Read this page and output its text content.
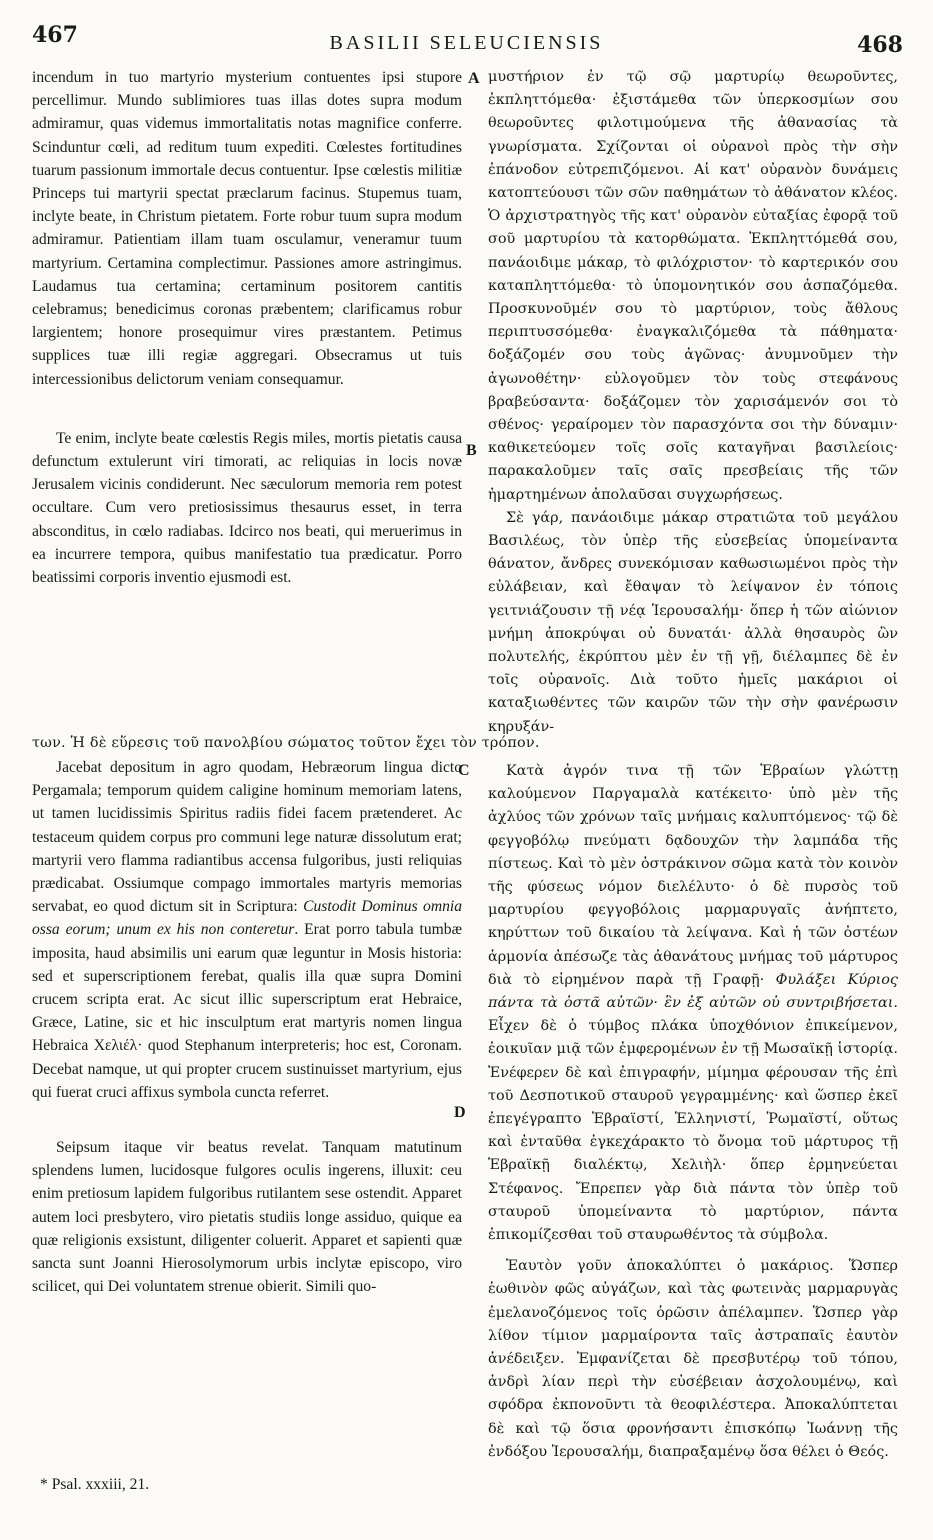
467	BASILII SELEUCIENSIS	468

incendum in tuo martyrio mysterium contuentes ipsi stupore percellimur. Mundo sublimiores tuas illas dotes supra modum admiramur, quas videmus immortalitatis notas magnifice conferre. Scinduntur cœli, ad reditum tuum expediti. Cœlestes fortitudines tuarum passionum immortale decus contuentur. Ipse cœlestis militiæ Princeps tui martyrii spectat præclarum facinus. Stupemus tuam, inclyte beate, in Christum pietatem. Forte robur tuum supra modum admiramur. Patientiam illam tuam osculamur, veneramur tuum martyrium. Certamina complectimur. Passiones amore astringimus. Laudamus tua certamina; certaminum positorem cantitis celebramus; benedicimus coronas præbentem; clarificamus robur largientem; honore prosequimur vires præstantem. Petimus supplices tuæ illi regiæ aggregari. Obsecramus ut tuis intercessionibus delictorum veniam consequamur.

Te enim, inclyte beate cœlestis Regis miles, mortis pietatis causa defunctum extulerunt viri timorati, ac reliquias in locis novæ Jerusalem vicinis condiderunt. Nec sæculorum memoria rem potest occultare. Cum vero pretiosissimus thesaurus esset, in terra absconditus, in cœlo radiabas. Idcirco nos beati, qui meruerimus in ea incurrere tempora, quibus manifestatio tua prædicatur. Porro beatissimi corporis inventio ejusmodi est.

των. Ἡ δὲ εὕρεσις τοῦ πανολβίου σώματος τοῦτον ἔχει τὸν τρόπον.

Jacebat depositum in agro quodam, Hebræorum lingua dicto Pergamala; temporum quidem caligine hominum memoriam latens, ut tamen lucidissimis Spiritus radiis fidei facem prætenderet. Ac testaceum quidem corpus pro communi lege naturæ dissolutum erat; martyrii vero flamma radiantibus accensa fulgoribus, justi reliquias prædicabat. Ossiumque compago immortales martyris memorias servabat, eo quod dictum sit in Scriptura: Custodit Dominus omnia ossa eorum; unum ex his non conteretur. Erat porro tabula tumbæ imposita, haud absimilis uni earum quæ leguntur in Mosis historia: sed et superscriptionem ferebat, qualis illa quæ supra Domini crucem scripta erat. Ac sicut illic superscriptum erat Hebraice, Græce, Latine, sic et hic insculptum erat martyris nomen lingua Hebraica Χελιέλ· quod Stephanum interpreteris; hoc est, Coronam. Decebat namque, ut qui propter crucem sustinuisset martyrium, ejus qui fuerat cruci affixus symbola cuncta referret.

Seipsum itaque vir beatus revelat. Tanquam matutinum splendens lumen, lucidosque fulgores oculis ingerens, illuxit: ceu enim pretiosum lapidem fulgoribus rutilantem sese ostendit. Apparet autem loci presbytero, viro pietatis studiis longe assiduo, quique ea quæ religionis exsistunt, diligenter coluerit. Apparet et sapienti quæ sancta sunt Joanni Hierosolymorum urbis inclytæ episcopo, viro scilicet, qui Dei voluntatem strenue obierit. Simili quo-

μυστήριον ἐν τῷ σῷ μαρτυρίῳ θεωροῦντες, ἐκπληττόμεθα· ἐξιστάμεθα τῶν ὑπερκοσμίων σου θεωροῦντες φιλοτιμούμενα τῆς ἀθανασίας τὰ γνωρίσματα. Σχίζονται οἱ οὐρανοὶ πρὸς τὴν σὴν ἐπάνοδον εὐτρεπιζόμενοι. Αἱ κατ' οὐρανὸν δυνάμεις κατοπτεύουσι τῶν σῶν παθημάτων τὸ ἀθάνατον κλέος. Ὁ ἀρχιστρατηγὸς τῆς κατ' οὐρανὸν εὐταξίας ἐφορᾷ τοῦ σοῦ μαρτυρίου τὰ κατορθώματα. Ἐκπληττόμεθά σου, πανάοιδιμε μάκαρ, τὸ φιλόχριστον· τὸ καρτερικόν σου καταπληττόμεθα· τὸ ὑπομονητικόν σου ἀσπαζόμεθα. Προσκυνοῦμέν σου τὸ μαρτύριον, τοὺς ἄθλους περιπτυσσόμεθα· ἐναγκαλιζόμεθα τὰ πάθηματα· δοξάζομέν σου τοὺς ἀγῶνας· ἀνυμνοῦμεν τὴν ἀγωνοθέτην· εὐλογοῦμεν τὸν τοὺς στεφάνους βραβεύσαντα· δοξάζομεν τὸν χαρισάμενόν σοι τὸ σθένος· γεραίρομεν τὸν παρασχόντα σοι τὴν δύναμιν· καθικετεύομεν τοῖς σοῖς καταγῆναι βασιλείοις· παρακαλοῦμεν ταῖς σαῖς πρεσβείαις τῆς τῶν ἡμαρτημένων ἀπολαῦσαι συγχωρήσεως.

Σὲ γάρ, πανάοιδιμε μάκαρ στρατιῶτα τοῦ μεγάλου Βασιλέως, τὸν ὑπὲρ τῆς εὐσεβείας ὑπομείναντα θάνατον, ἄνδρες συνεκόμισαν καθωσιωμένοι πρὸς τὴν εὐλάβειαν, καὶ ἔθαψαν τὸ λείψανον ἐν τόποις γειτνιάζουσιν τῇ νέᾳ Ἱερουσαλήμ· ὅπερ ἡ τῶν αἰώνιον μνήμη ἀποκρύψαι οὐ δυνατάι· ἀλλὰ θησαυρὸς ὢν πολυτελής, ἐκρύπτου μὲν ἐν τῇ γῇ, διέλαμπες δὲ ἐν τοῖς οὐρανοῖς. Διὰ τοῦτο ἡμεῖς μακάριοι οἱ καταξιωθέντες τῶν καιρῶν τῶν τὴν σὴν φανέρωσιν κηρυξάν-

Κατὰ ἀγρόν τινα τῇ τῶν Ἑβραίων γλώττῃ καλούμενον Παργαμαλὰ κατέκειτο· ὑπὸ μὲν τῆς ἀχλύος τῶν χρόνων ταῖς μνήμαις καλυπτόμενος· τῷ δὲ φεγγοβόλῳ πνεύματι δᾳδουχῶν τὴν λαμπάδα τῆς πίστεως. Καὶ τὸ μὲν ὀστράκινον σῶμα κατὰ τὸν κοινὸν τῆς φύσεως νόμον διελέλυτο· ὁ δὲ πυρσὸς τοῦ μαρτυρίου φεγγοβόλοις μαρμαρυγαῖς ἀνήπτετο, κηρύττων τοῦ δικαίου τὰ λείψανα. Καὶ ἡ τῶν ὀστέων ἁρμονία ἀπέσωζε τὰς ἀθανάτους μνήμας τοῦ μάρτυρος διὰ τὸ εἰρημένον παρὰ τῇ Γραφῇ· Φυλάξει Κύριος πάντα τὰ ὀστᾶ αὐτῶν· ἓν ἐξ αὐτῶν οὐ συντριβήσεται. Εἶχεν δὲ ὁ τύμβος πλάκα ὑποχθόνιον ἐπικείμενον, ἐοικυῖαν μιᾷ τῶν ἐμφερομένων ἐν τῇ Μωσαϊκῇ ἱστορίᾳ. Ἐνέφερεν δὲ καὶ ἐπιγραφήν, μίμημα φέρουσαν τῆς ἐπὶ τοῦ Δεσποτικοῦ σταυροῦ γεγραμμένης· καὶ ὥσπερ ἐκεῖ ἐπεγέγραπτο Ἑβραϊστί, Ἑλληνιστί, Ῥωμαϊστί, οὕτως καὶ ἐνταῦθα ἐγκεχάρακτο τὸ ὄνομα τοῦ μάρτυρος τῇ Ἑβραϊκῇ διαλέκτῳ, Χελιὴλ· ὅπερ ἑρμηνεύεται Στέφανος. Ἔπρεπεν γὰρ διὰ πάντα τὸν ὑπὲρ τοῦ σταυροῦ ὑπομείναντα τὸ μαρτύριον, πάντα ἐπικομίζεσθαι τοῦ σταυρωθέντος τὰ σύμβολα.

Ἑαυτὸν γοῦν ἀποκαλύπτει ὁ μακάριος. Ὥσπερ ἑωθινὸν φῶς αὐγάζων, καὶ τὰς φωτεινὰς μαρμαρυγὰς ἐμελανοζόμενος τοῖς ὁρῶσιν ἀπέλαμπεν. Ὥσπερ γὰρ λίθον τίμιον μαρμαίροντα ταῖς ἀστραπαῖς ἑαυτὸν ἀνέδειξεν. Ἐμφανίζεται δὲ πρεσβυτέρῳ τοῦ τόπου, ἀνδρὶ λίαν περὶ τὴν εὐσέβειαν ἀσχολουμένῳ, καὶ σφόδρα ἐκπονοῦντι τὰ θεοφιλέστερα. Ἀποκαλύπτεται δὲ καὶ τῷ ὅσια φρονήσαντι ἐπισκόπῳ Ἰωάννῃ τῆς ἐνδόξου Ἱερουσαλήμ, διαπραξαμένῳ ὅσα θέλει ὁ Θεός.

A
B
C
D
* Psal. xxxiii, 21.
